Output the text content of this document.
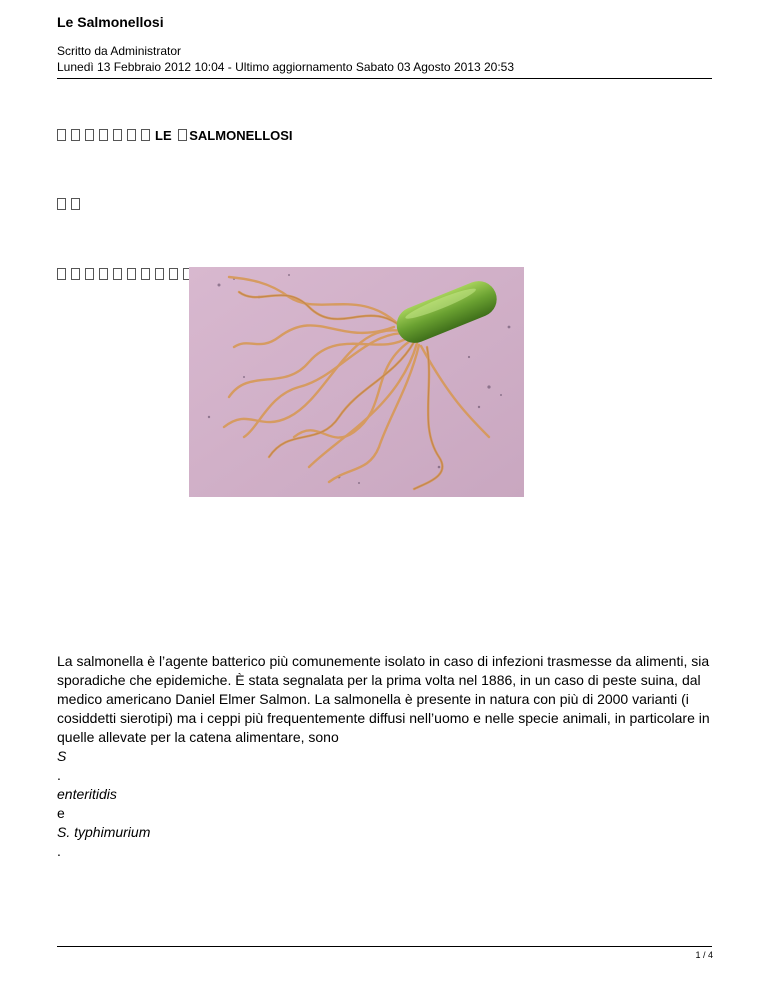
Le Salmonellosi
Scritto da Administrator
Lunedì 13 Febbraio 2012 10:04 - Ultimo aggiornamento Sabato 03 Agosto 2013 20:53
LE SALMONELLOSI

La salmonella è l’agente batterico più comunemente isolato in caso di infezioni trasmesse da alimenti, sia sporadiche che epidemiche. È stata segnalata per la prima volta nel 1886, in un caso di peste suina, dal medico americano Daniel Elmer Salmon. La salmonella è presente in natura con più di 2000 varianti (i cosiddetti sierotipi) ma i ceppi più frequentemente diffusi nell’uomo e nelle specie animali, in particolare in quelle allevate per la catena alimentare, sono

S
.
enteritidis
e
S. typhimurium
.
1 / 4
